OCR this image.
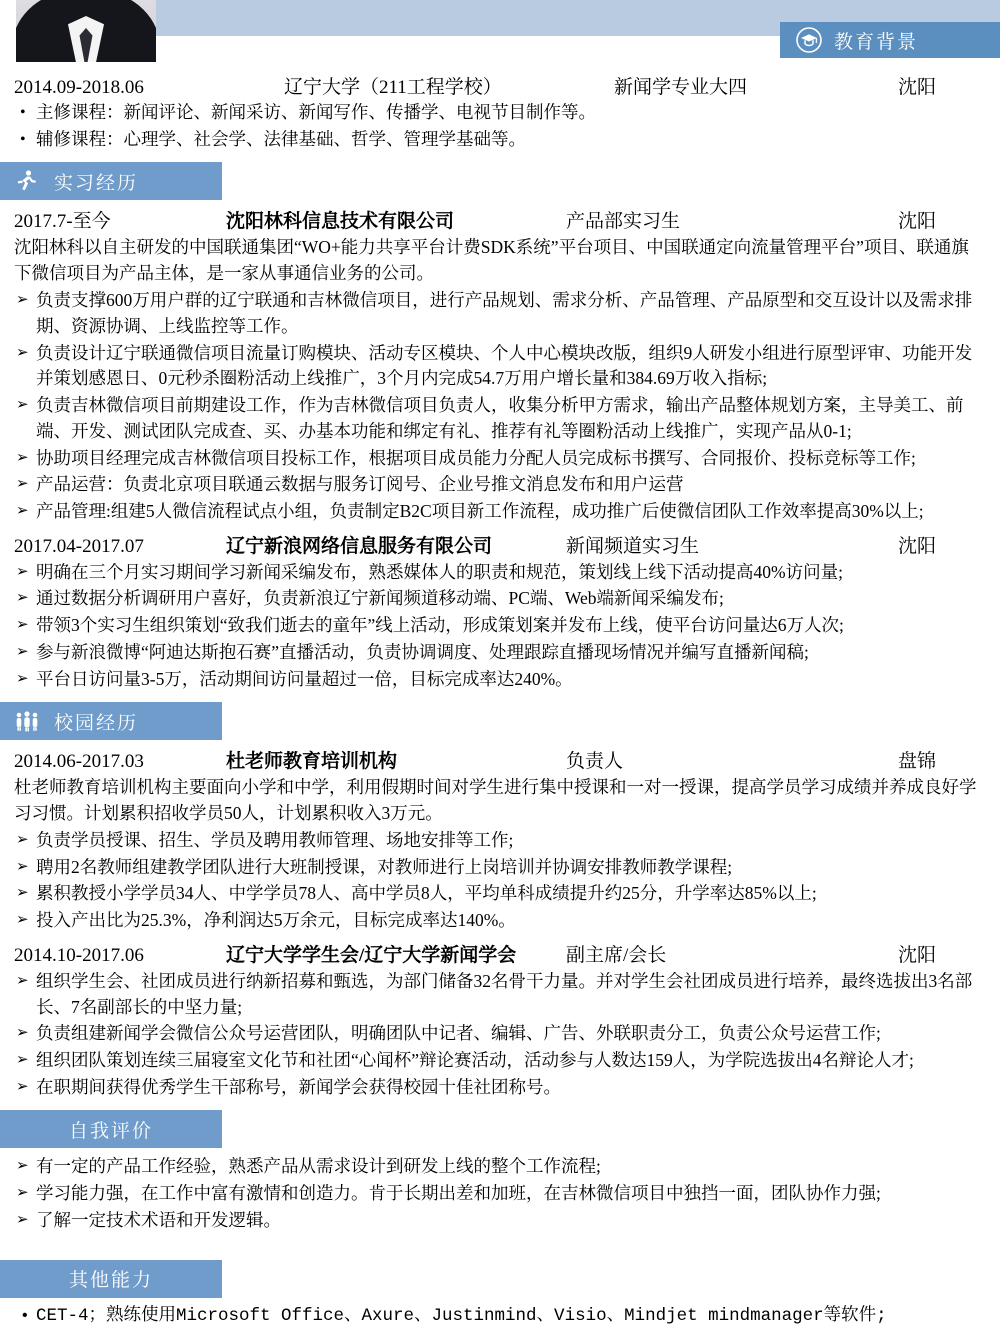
教育背景
2014.09-2018.06	辽宁大学（211工程学校）	新闻学专业大四	沈阳
• 主修课程：新闻评论、新闻采访、新闻写作、传播学、电视节目制作等。
• 辅修课程：心理学、社会学、法律基础、哲学、管理学基础等。
实习经历
2017.7-至今	沈阳林科信息技术有限公司	产品部实习生	沈阳
沈阳林科以自主研发的中国联通集团“WO+能力共享平台计费SDK系统”平台项目、中国联通定向流量管理平台”项目、联通旗下微信项目为产品主体，是一家从事通信业务的公司。
➢ 负责支撑600万用户群的辽宁联通和吉林微信项目，进行产品规划、需求分析、产品管理、产品原型和交互设计以及需求排期、资源协调、上线监控等工作。
➢ 负责设计辽宁联通微信项目流量订购模块、活动专区模块、个人中心模块改版，组织9人研发小组进行原型评审、功能开发并策划感恩日、0元秒杀圈粉活动上线推广，3个月内完成54.7万用户增长量和384.69万收入指标;
➢ 负责吉林微信项目前期建设工作，作为吉林微信项目负责人，收集分析甲方需求，输出产品整体规划方案，主导美工、前端、开发、测试团队完成查、买、办基本功能和绑定有礼、推荐有礼等圈粉活动上线推广，实现产品从0-1;
➢ 协助项目经理完成吉林微信项目投标工作，根据项目成员能力分配人员完成标书撰写、合同报价、投标竞标等工作;
➢ 产品运营：负责北京项目联通云数据与服务订阅号、企业号推文消息发布和用户运营
➢ 产品管理:组建5人微信流程试点小组，负责制定B2C项目新工作流程，成功推广后使微信团队工作效率提高30%以上;
2017.04-2017.07	辽宁新浪网络信息服务有限公司	新闻频道实习生	沈阳
➢ 明确在三个月实习期间学习新闻采编发布，熟悉媒体人的职责和规范，策划线上线下活动提高40%访问量;
➢ 通过数据分析调研用户喜好，负责新浪辽宁新闻频道移动端、PC端、Web端新闻采编发布;
➢ 带领3个实习生组织策划“致我们逝去的童年”线上活动，形成策划案并发布上线，使平台访问量达6万人次;
➢ 参与新浪微博“阿迪达斯抱石赛”直播活动，负责协调调度、处理跟踪直播现场情况并编写直播新闻稿;
➢ 平台日访问量3-5万，活动期间访问量超过一倍，目标完成率达240%。
校园经历
2014.06-2017.03	杜老师教育培训机构	负责人	盘锦
杜老师教育培训机构主要面向小学和中学，利用假期时间对学生进行集中授课和一对一授课，提高学员学习成绩并养成良好学习习惯。计划累积招收学员50人，计划累积收入3万元。
➢ 负责学员授课、招生、学员及聘用教师管理、场地安排等工作;
➢ 聘用2名教师组建教学团队进行大班制授课，对教师进行上岗培训并协调安排教师教学课程;
➢ 累积教授小学学员34人、中学学员78人、高中学员8人，平均单科成绩提升约25分，升学率达85%以上;
➢ 投入产出比为25.3%，净利润达5万余元，目标完成率达140%。
2014.10-2017.06	辽宁大学学生会/辽宁大学新闻学会	副主席/会长	沈阳
➢ 组织学生会、社团成员进行纳新招募和甄选，为部门储备32名骨干力量。并对学生会社团成员进行培养，最终选拔出3名部长、7名副部长的中坚力量;
➢ 负责组建新闻学会微信公众号运营团队，明确团队中记者、编辑、广告、外联职责分工，负责公众号运营工作;
➢ 组织团队策划连续三届寝室文化节和社团“心闻杯”辩论赛活动，活动参与人数达159人，为学院选拔出4名辩论人才;
➢ 在职期间获得优秀学生干部称号，新闻学会获得校园十佳社团称号。
自我评价
➢ 有一定的产品工作经验，熟悉产品从需求设计到研发上线的整个工作流程;
➢ 学习能力强，在工作中富有激情和创造力。肯于长期出差和加班，在吉林微信项目中独挡一面，团队协作力强;
➢ 了解一定技术术语和开发逻辑。
其他能力
• CET-4；熟练使用Microsoft Office、Axure、Justinmind、Visio、Mindjet mindmanager等软件;
